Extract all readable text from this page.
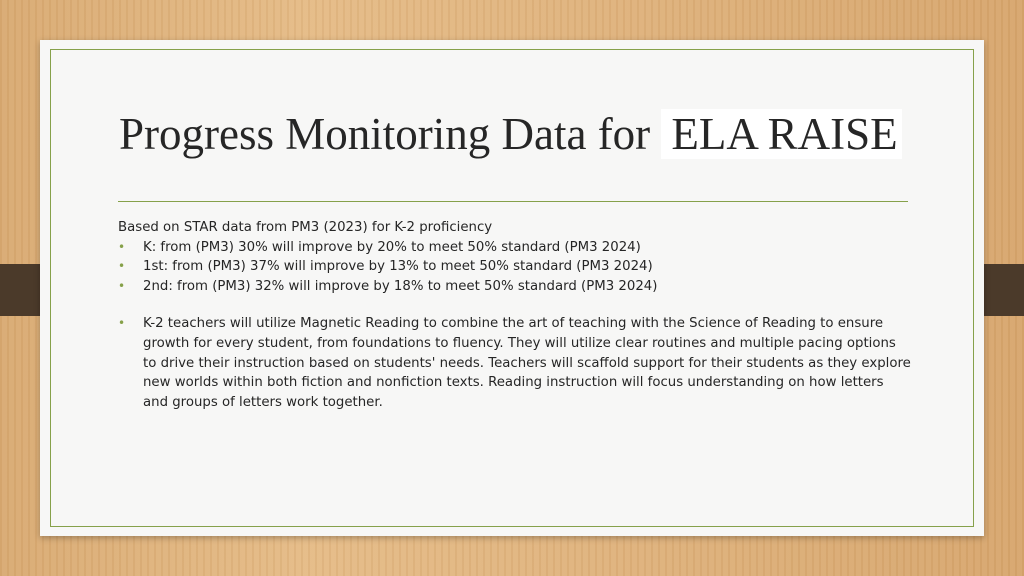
Progress Monitoring Data for ELA RAISE

Based on STAR data from PM3 (2023) for K-2 proficiency

• K: from (PM3) 30% will improve by 20% to meet 50% standard (PM3 2024)
• 1st: from (PM3) 37% will improve by 13% to meet 50% standard (PM3 2024)
• 2nd: from (PM3) 32% will improve by 18% to meet 50% standard (PM3 2024)
• K-2 teachers will utilize Magnetic Reading to combine the art of teaching with the Science of Reading to ensure growth for every student, from foundations to fluency. They will utilize clear routines and multiple pacing options to drive their instruction based on students' needs. Teachers will scaffold support for their students as they explore new worlds within both fiction and nonfiction texts. Reading instruction will focus understanding on how letters and groups of letters work together.
